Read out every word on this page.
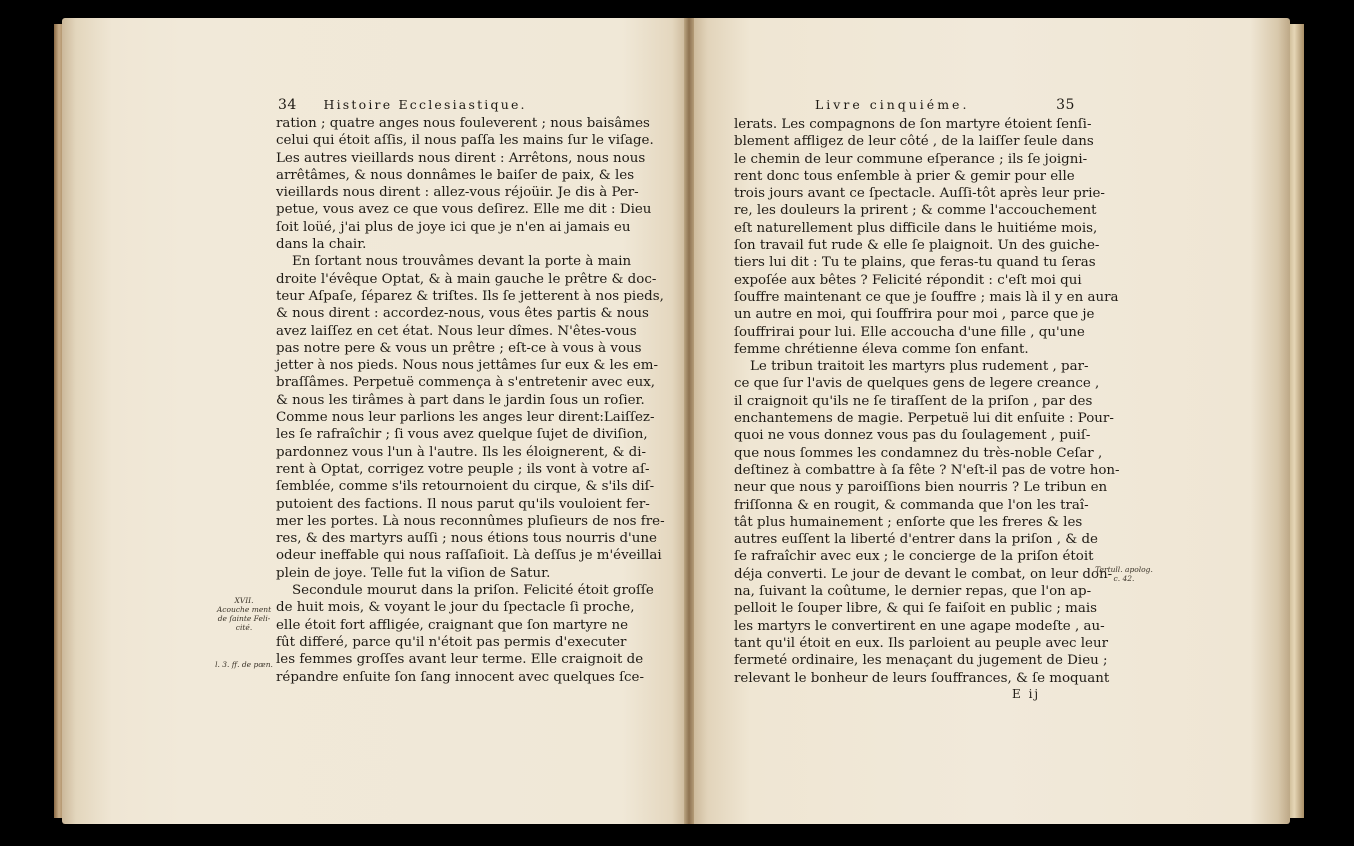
34 Histoire Ecclesiastique.
ration ; quatre anges nous fouleverent ; nous baisâmes
celui qui étoit aſſis, il nous paſſa les mains ſur le viſage.
Les autres vieillards nous dirent : Arrêtons, nous nous
arrêtâmes, & nous donnâmes le baiſer de paix, & les
vieillards nous dirent : allez-vous réjoüir. Je dis à Per-
petue, vous avez ce que vous deſirez. Elle me dit : Dieu
ſoit loüé, j'ai plus de joye ici que je n'en ai jamais eu
dans la chair.
En ſortant nous trouvâmes devant la porte à main
droite l'évêque Optat, & à main gauche le prêtre & doc-
teur Aſpaſe, ſéparez & triſtes. Ils ſe jetterent à nos pieds,
& nous dirent : accordez-nous, vous êtes partis & nous
avez laiſſez en cet état. Nous leur dîmes. N'êtes-vous
pas notre pere & vous un prêtre ; eſt-ce à vous à vous
jetter à nos pieds. Nous nous jettâmes ſur eux & les em-
braſſâmes. Perpetuë commença à s'entretenir avec eux,
& nous les tirâmes à part dans le jardin ſous un roſier.
Comme nous leur parlions les anges leur dirent:Laiſſez-
les ſe rafraîchir ; ſi vous avez quelque ſujet de diviſion,
pardonnez vous l'un à l'autre. Ils les éloignerent, & di-
rent à Optat, corrigez votre peuple ; ils vont à votre aſ-
ſemblée, comme s'ils retournoient du cirque, & s'ils diſ-
putoient des factions. Il nous parut qu'ils vouloient fer-
mer les portes. Là nous reconnûmes pluſieurs de nos fre-
res, & des martyrs auſſi ; nous étions tous nourris d'une
odeur ineffable qui nous raſſaſioit. Là deſſus je m'éveillai
plein de joye. Telle fut la viſion de Satur.
Secondule mourut dans la priſon. Felicité étoit groſſe
de huit mois, & voyant le jour du ſpectacle ſi proche,
elle étoit fort affligée, craignant que ſon martyre ne
fût differé, parce qu'il n'étoit pas permis d'executer
les femmes groſſes avant leur terme. Elle craignoit de
répandre enſuite ſon ſang innocent avec quelques ſce-
XVII.
Acouche ment
de ſainte Feli-
cité.
l. 3. ff. de pœn.
Livre cinquiéme.	35
lerats. Les compagnons de ſon martyre étoient ſenſi-
blement affligez de leur côté , de la laiſſer ſeule dans
le chemin de leur commune eſperance ; ils ſe joigni-
rent donc tous enſemble à prier & gemir pour elle
trois jours avant ce ſpectacle. Auſſi-tôt après leur prie-
re, les douleurs la prirent ; & comme l'accouchement
eſt naturellement plus difficile dans le huitiéme mois,
ſon travail fut rude & elle ſe plaignoit. Un des guiche-
tiers lui dit : Tu te plains, que feras-tu quand tu ſeras
expoſée aux bêtes ? Felicité répondit : c'eſt moi qui
ſouffre maintenant ce que je ſouffre ; mais là il y en aura
un autre en moi, qui ſouffrira pour moi , parce que je
ſouffrirai pour lui. Elle accoucha d'une fille , qu'une
femme chrétienne éleva comme ſon enfant.
Le tribun traitoit les martyrs plus rudement , par-
ce que ſur l'avis de quelques gens de legere creance ,
il craignoit qu'ils ne ſe tiraſſent de la priſon , par des
enchantemens de magie. Perpetuë lui dit enſuite : Pour-
quoi ne vous donnez vous pas du ſoulagement , puiſ-
que nous ſommes les condamnez du très-noble Ceſar ,
deſtinez à combattre à ſa fête ? N'eſt-il pas de votre hon-
neur que nous y paroiſſions bien nourris ? Le tribun en
friſſonna & en rougit, & commanda que l'on les traî-
tât plus humainement ; enſorte que les freres & les
autres euſſent la liberté d'entrer dans la priſon , & de
ſe rafraîchir avec eux ; le concierge de la priſon étoit
déja converti. Le jour de devant le combat, on leur don-
na, ſuivant la coûtume, le dernier repas, que l'on ap-
pelloit le ſouper libre, & qui ſe faiſoit en public ; mais
les martyrs le convertirent en une agape modeſte , au-
tant qu'il étoit en eux. Ils parloient au peuple avec leur
fermeté ordinaire, les menaçant du jugement de Dieu ;
relevant le bonheur de leurs ſouffrances, & ſe moquant
Tertull. apolog.
c. 42.
E ij
